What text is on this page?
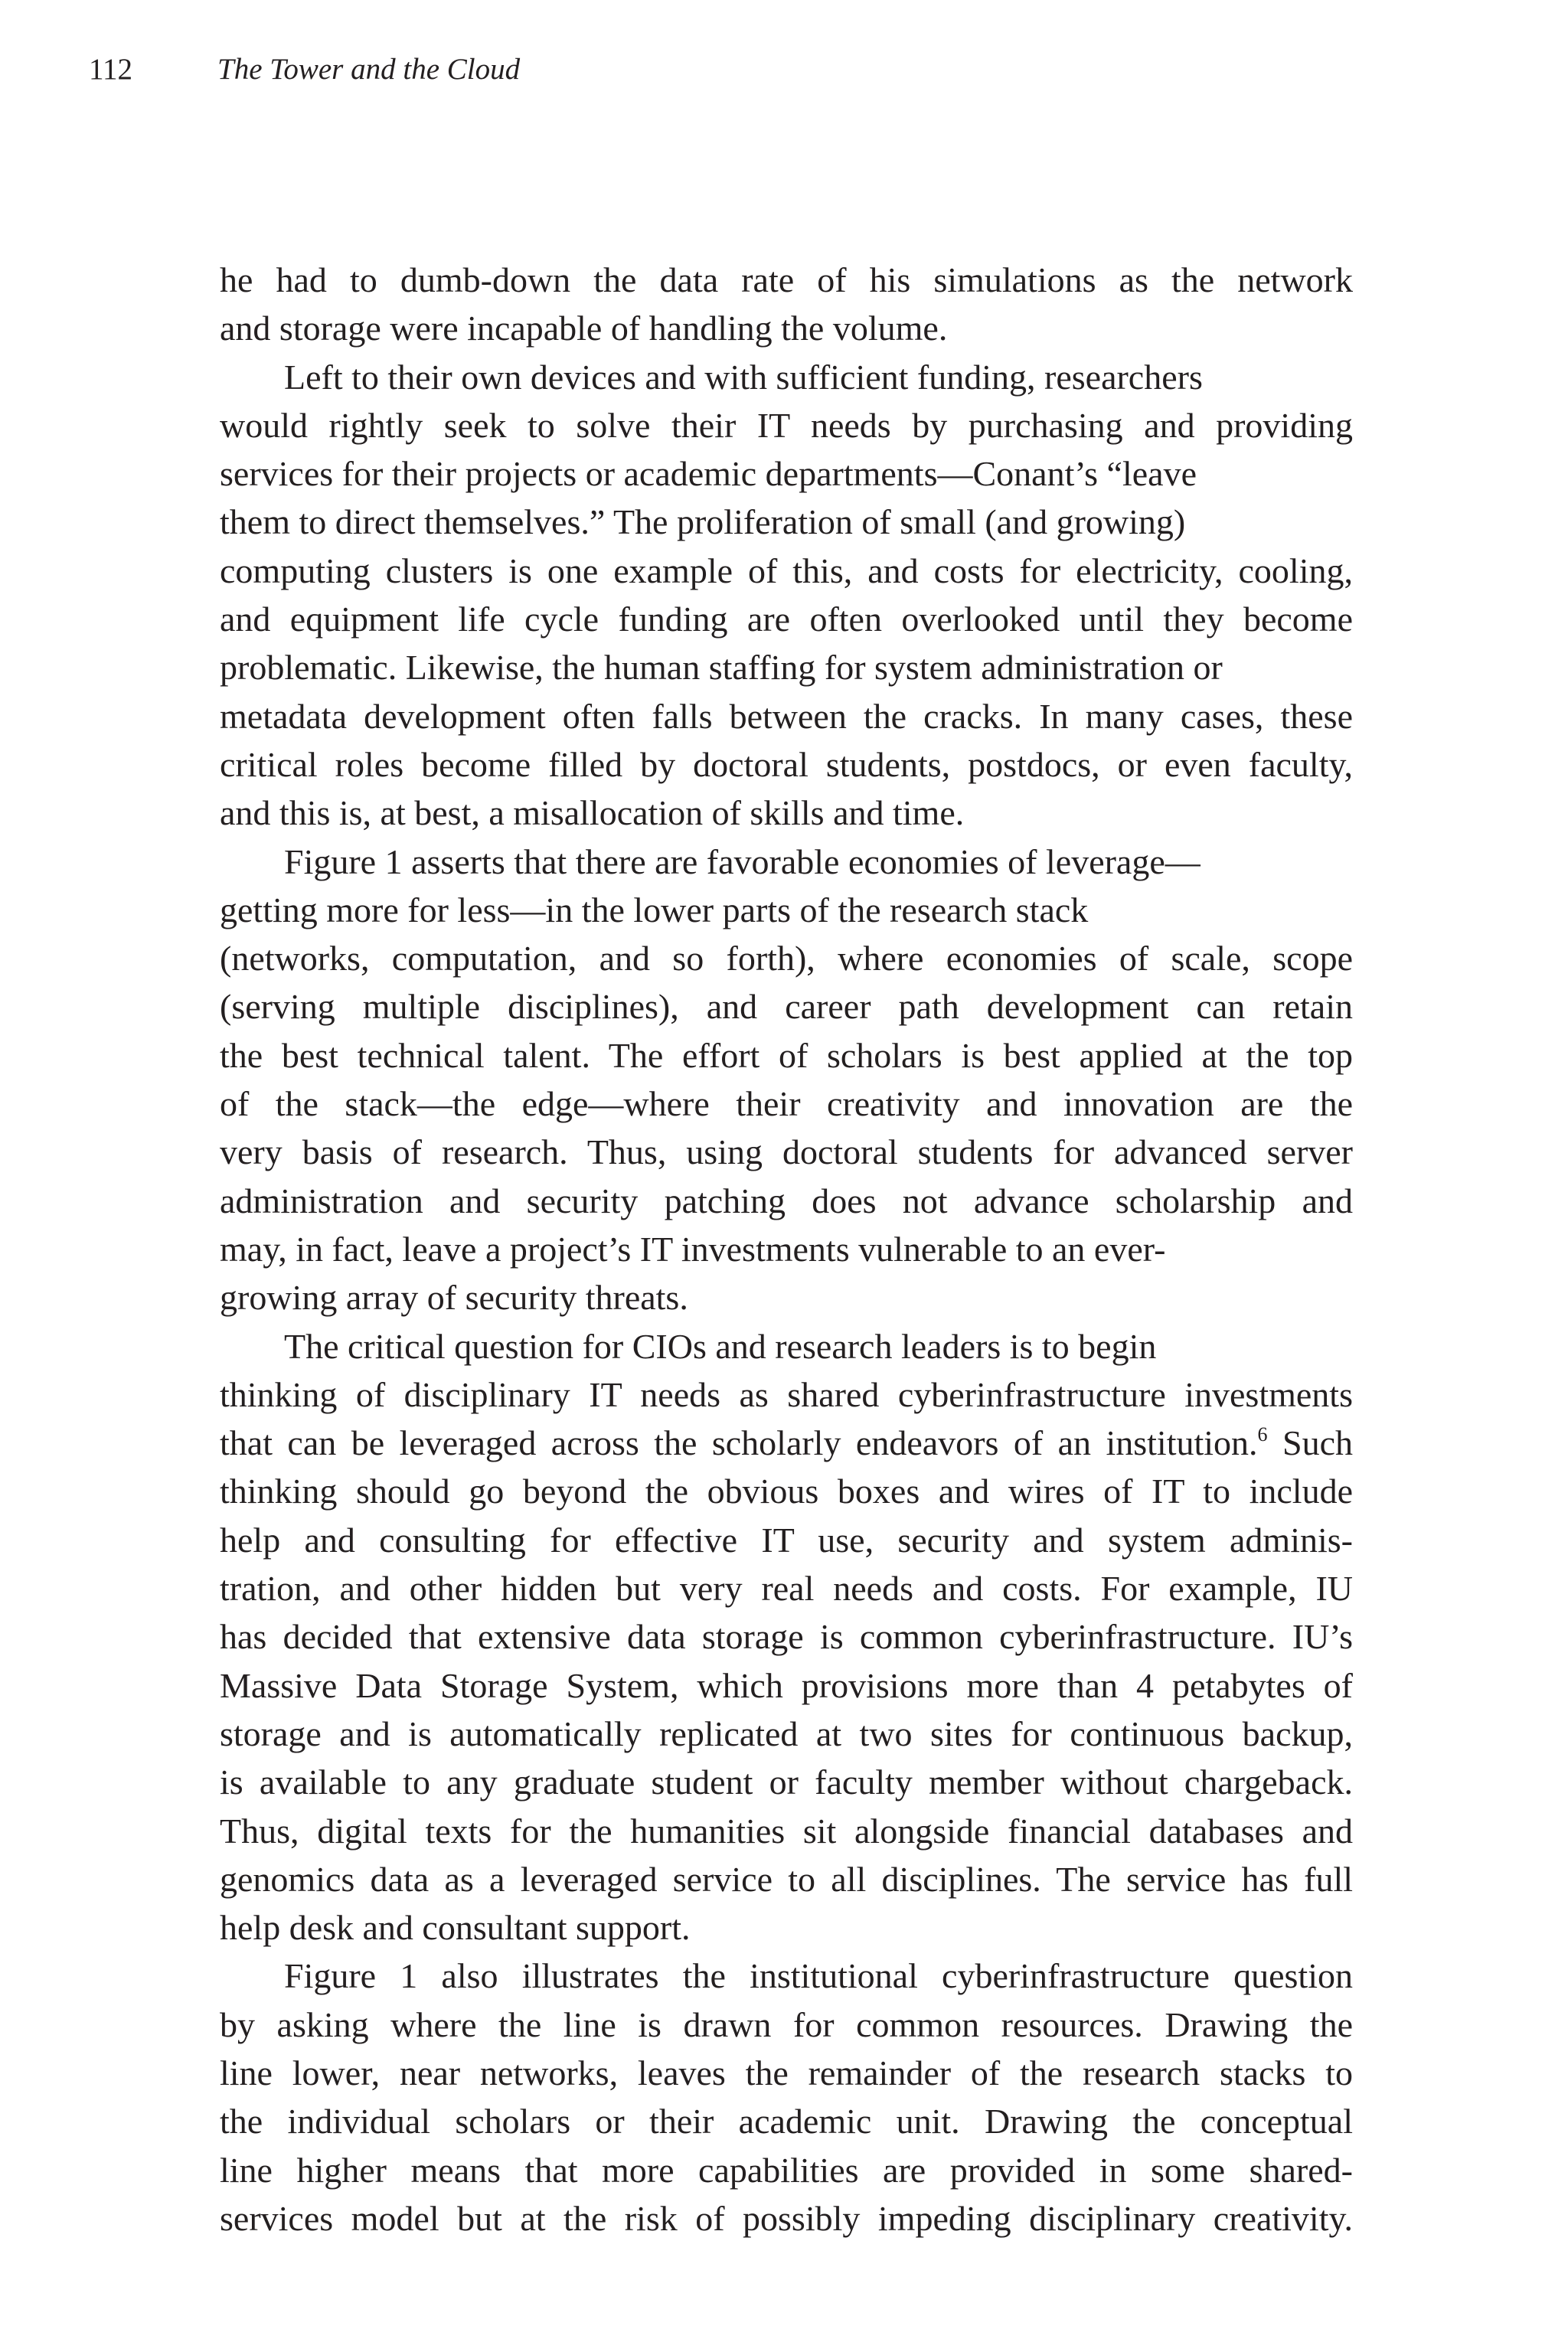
112	The Tower and the Cloud
he had to dumb-down the data rate of his simulations as the network
and storage were incapable of handling the volume.
Left to their own devices and with sufficient funding, researchers
would rightly seek to solve their IT needs by purchasing and providing
services for their projects or academic departments—Conant’s “leave
them to direct themselves.” The proliferation of small (and growing)
computing clusters is one example of this, and costs for electricity, cooling,
and equipment life cycle funding are often overlooked until they become
problematic. Likewise, the human staffing for system administration or
metadata development often falls between the cracks. In many cases, these
critical roles become filled by doctoral students, postdocs, or even faculty,
and this is, at best, a misallocation of skills and time.
Figure 1 asserts that there are favorable economies of leverage—
getting more for less—in the lower parts of the research stack
(networks, computation, and so forth), where economies of scale, scope
(serving multiple disciplines), and career path development can retain
the best technical talent. The effort of scholars is best applied at the top
of the stack—the edge—where their creativity and innovation are the
very basis of research. Thus, using doctoral students for advanced server
administration and security patching does not advance scholarship and
may, in fact, leave a project’s IT investments vulnerable to an ever-
growing array of security threats.
The critical question for CIOs and research leaders is to begin
thinking of disciplinary IT needs as shared cyberinfrastructure investments
that can be leveraged across the scholarly endeavors of an institution.$^6$ Such
thinking should go beyond the obvious boxes and wires of IT to include
help and consulting for effective IT use, security and system adminis-
tration, and other hidden but very real needs and costs. For example, IU
has decided that extensive data storage is common cyberinfrastructure. IU’s
Massive Data Storage System, which provisions more than 4 petabytes of
storage and is automatically replicated at two sites for continuous backup,
is available to any graduate student or faculty member without chargeback.
Thus, digital texts for the humanities sit alongside financial databases and
genomics data as a leveraged service to all disciplines. The service has full
help desk and consultant support.
Figure 1 also illustrates the institutional cyberinfrastructure question
by asking where the line is drawn for common resources. Drawing the
line lower, near networks, leaves the remainder of the research stacks to
the individual scholars or their academic unit. Drawing the conceptual
line higher means that more capabilities are provided in some shared-
services model but at the risk of possibly impeding disciplinary creativity.
